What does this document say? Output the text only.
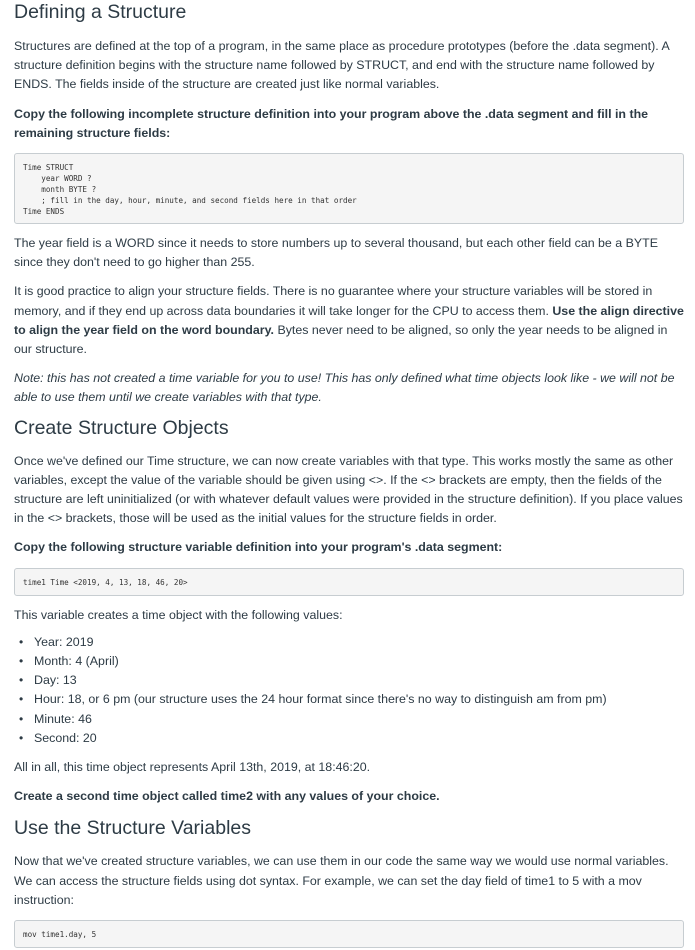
Defining a Structure

Structures are defined at the top of a program, in the same place as procedure prototypes (before the .data segment). A structure definition begins with the structure name followed by STRUCT, and end with the structure name followed by ENDS. The fields inside of the structure are created just like normal variables.

Copy the following incomplete structure definition into your program above the .data segment and fill in the remaining structure fields:

Time STRUCT
year WORD ?
month BYTE ?
; fill in the day, hour, minute, and second fields here in that order
Time ENDS

The year field is a WORD since it needs to store numbers up to several thousand, but each other field can be a BYTE since they don't need to go higher than 255.

It is good practice to align your structure fields. There is no guarantee where your structure variables will be stored in memory, and if they end up across data boundaries it will take longer for the CPU to access them. Use the align directive to align the year field on the word boundary. Bytes never need to be aligned, so only the year needs to be aligned in our structure.

Note: this has not created a time variable for you to use! This has only defined what time objects look like - we will not be able to use them until we create variables with that type.

Create Structure Objects

Once we've defined our Time structure, we can now create variables with that type. This works mostly the same as other variables, except the value of the variable should be given using <>. If the <> brackets are empty, then the fields of the structure are left uninitialized (or with whatever default values were provided in the structure definition). If you place values in the <> brackets, those will be used as the initial values for the structure fields in order.

Copy the following structure variable definition into your program's .data segment:

time1 Time <2019, 4, 13, 18, 46, 20>

This variable creates a time object with the following values:

• Year: 2019
• Month: 4 (April)
• Day: 13
• Hour: 18, or 6 pm (our structure uses the 24 hour format since there's no way to distinguish am from pm)
• Minute: 46
• Second: 20

All in all, this time object represents April 13th, 2019, at 18:46:20.

Create a second time object called time2 with any values of your choice.

Use the Structure Variables

Now that we've created structure variables, we can use them in our code the same way we would use normal variables. We can access the structure fields using dot syntax. For example, we can set the day field of time1 to 5 with a mov instruction:

mov time1.day, 5
